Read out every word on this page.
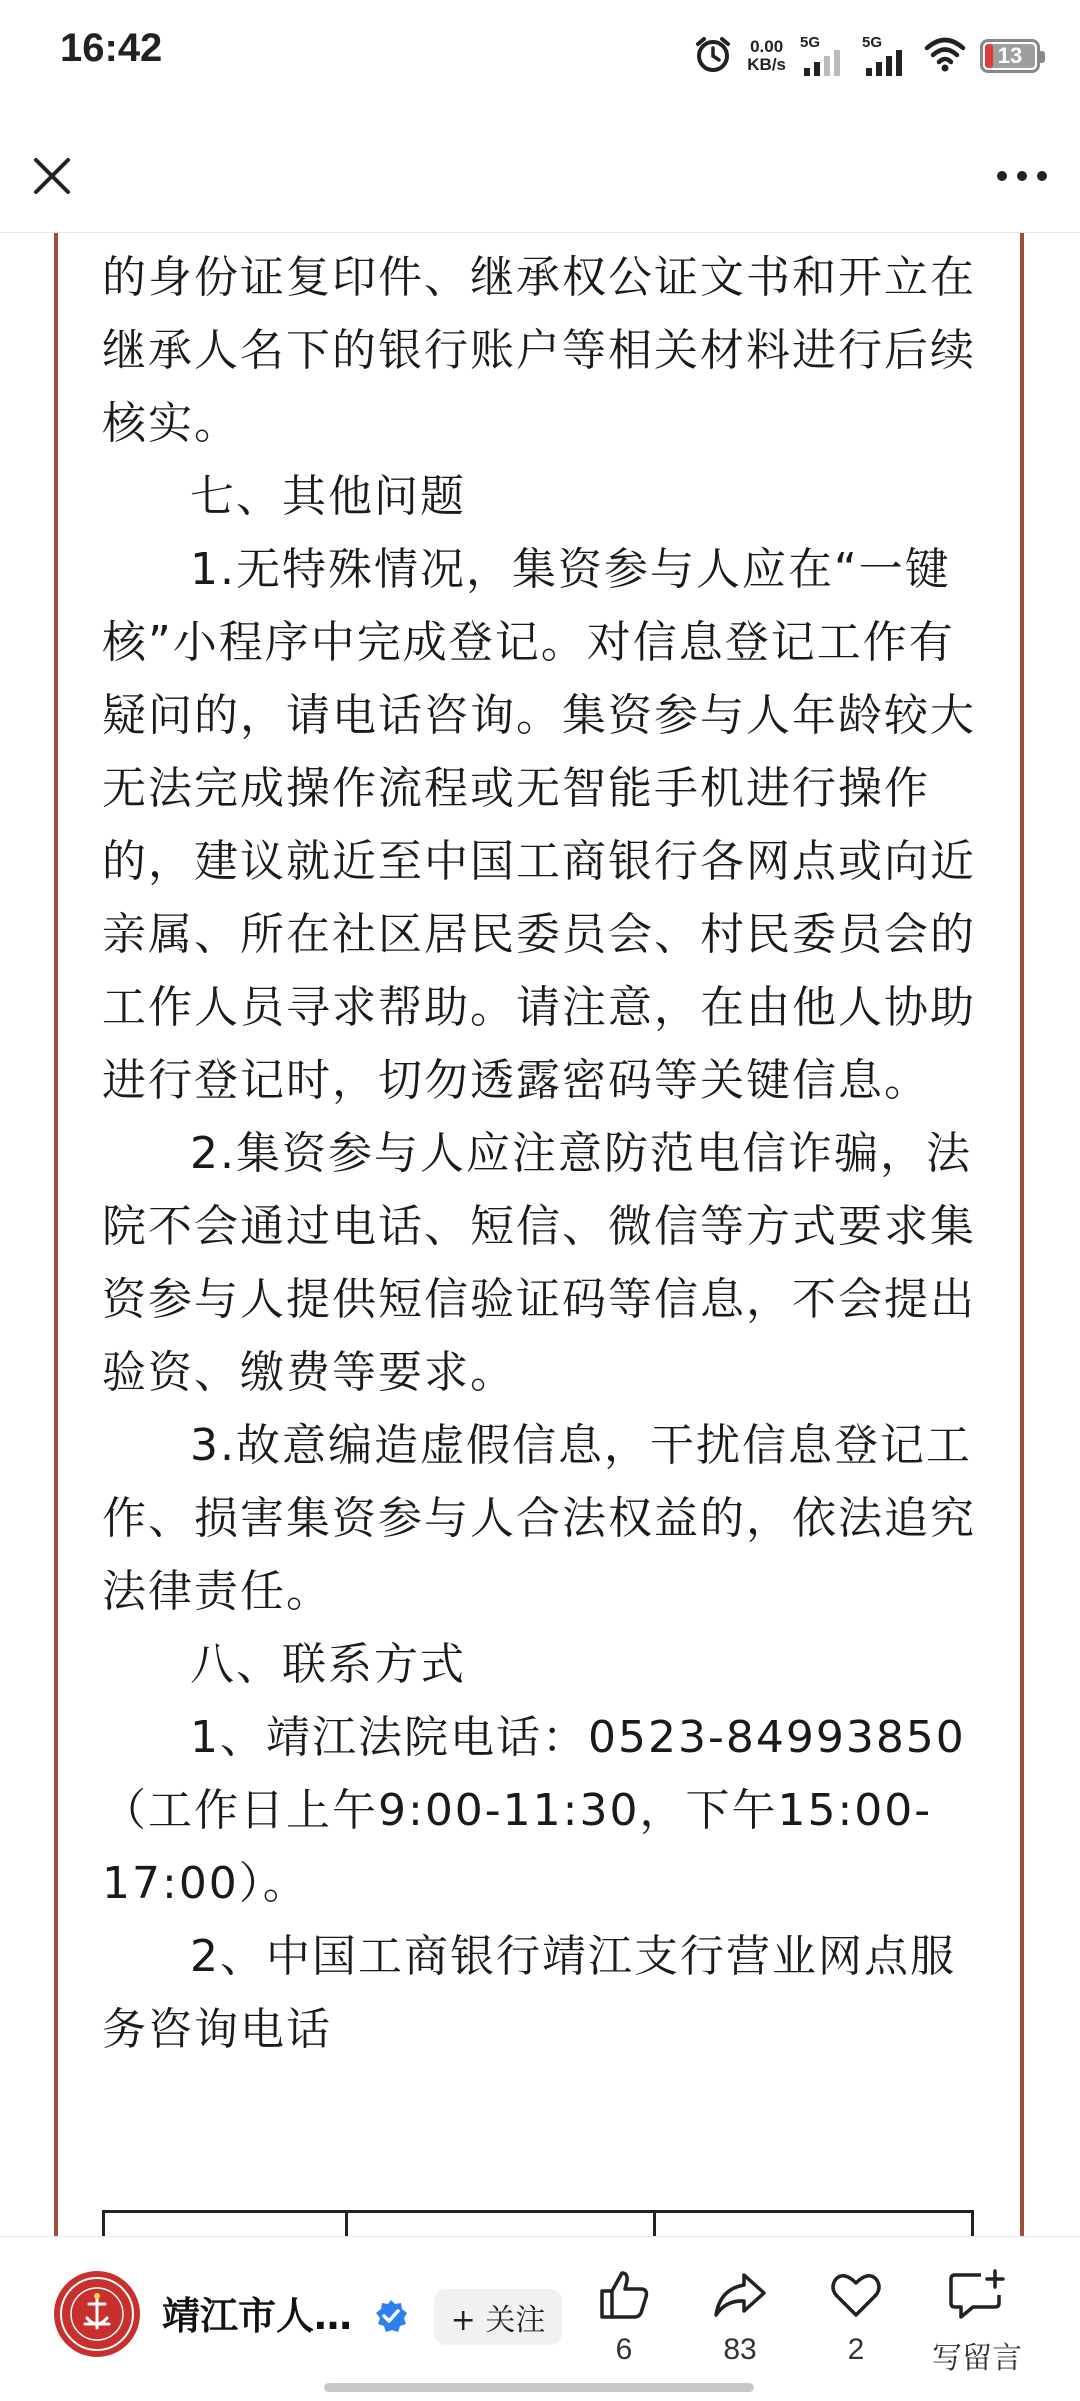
16:42	0.00
KB/s
5G	5G
13

的身份证复印件、继承权公证文书和开立在继承人名下的银行账户等相关材料进行后续核实。

七、其他问题

1.无特殊情况，集资参与人应在“一键核”小程序中完成登记。对信息登记工作有疑问的，请电话咨询。集资参与人年龄较大无法完成操作流程或无智能手机进行操作的，建议就近至中国工商银行各网点或向近亲属、所在社区居民委员会、村民委员会的工作人员寻求帮助。请注意，在由他人协助进行登记时，切勿透露密码等关键信息。

2.集资参与人应注意防范电信诈骗，法院不会通过电话、短信、微信等方式要求集资参与人提供短信验证码等信息，不会提出验资、缴费等要求。

3.故意编造虚假信息，干扰信息登记工作、损害集资参与人合法权益的，依法追究法律责任。

八、联系方式

1、靖江法院电话：0523-84993850（工作日上午9:00-11:30，下午15:00-17:00）。

2、中国工商银行靖江支行营业网点服务咨询电话

靖江市人…	+ 关注
6	83	2 写留言
